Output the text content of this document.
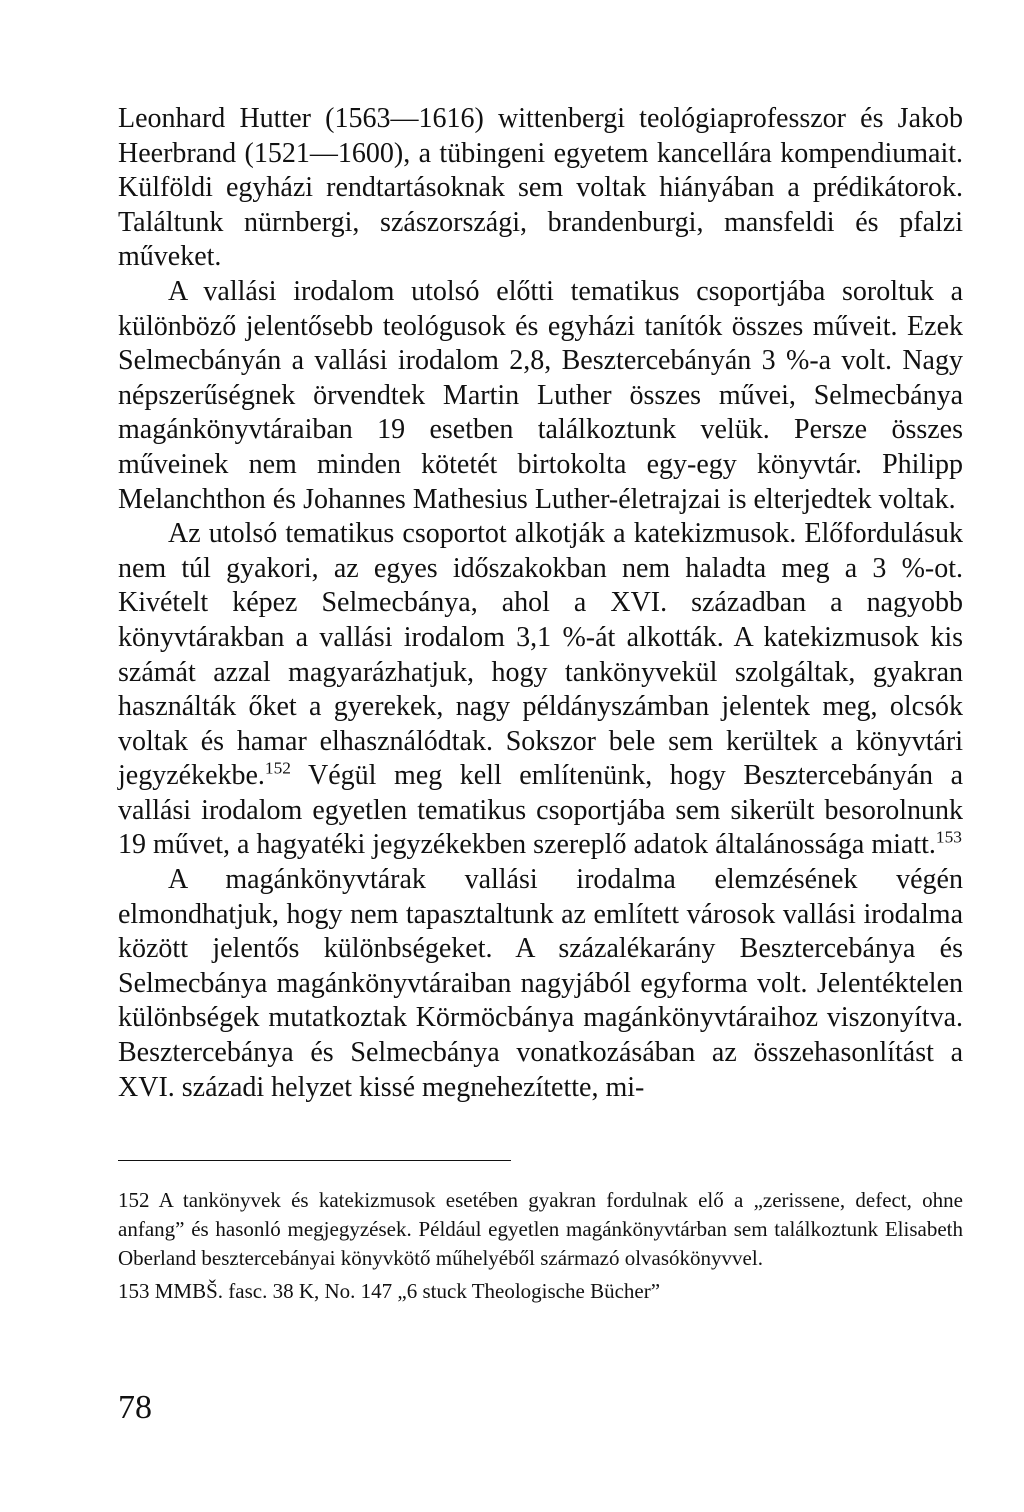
Leonhard Hutter (1563—1616) wittenbergi teológiaprofesszor és Jakob Heerbrand (1521—1600), a tübingeni egyetem kancellára kompendiumait. Külföldi egyházi rendtartásoknak sem voltak hiányában a prédikátorok. Találtunk nürnbergi, szászországi, brandenburgi, mansfeldi és pfalzi műveket.

A vallási irodalom utolsó előtti tematikus csoportjába soroltuk a különböző jelentősebb teológusok és egyházi tanítók összes műveit. Ezek Selmecbányán a vallási irodalom 2,8, Besztercebányán 3 %-a volt. Nagy népszerűségnek örvendtek Martin Luther összes művei, Selmecbánya magánkönyvtáraiban 19 esetben találkoztunk velük. Persze összes műveinek nem minden kötetét birtokolta egy-egy könyvtár. Philipp Melanchthon és Johannes Mathesius Luther-életrajzai is elterjedtek voltak.

Az utolsó tematikus csoportot alkotják a katekizmusok. Előfordulásuk nem túl gyakori, az egyes időszakokban nem haladta meg a 3 %-ot. Kivételt képez Selmecbánya, ahol a XVI. században a nagyobb könyvtárakban a vallási irodalom 3,1 %-át alkották. A katekizmusok kis számát azzal magyarázhatjuk, hogy tankönyvekül szolgáltak, gyakran használták őket a gyerekek, nagy példányszámban jelentek meg, olcsók voltak és hamar elhasználódtak. Sokszor bele sem kerültek a könyvtári jegyzékekbe.$^{152}$ Végül meg kell említenünk, hogy Besztercebányán a vallási irodalom egyetlen tematikus csoportjába sem sikerült besorolnunk 19 művet, a hagyatéki jegyzékekben szereplő adatok általánossága miatt.$^{153}$

A magánkönyvtárak vallási irodalma elemzésének végén elmondhatjuk, hogy nem tapasztaltunk az említett városok vallási irodalma között jelentős különbségeket. A százalékarány Besztercebánya és Selmecbánya magánkönyvtáraiban nagyjából egyforma volt. Jelentéktelen különbségek mutatkoztak Körmöcbánya magánkönyvtáraihoz viszonyítva. Besztercebánya és Selmecbánya vonatkozásában az összehasonlítást a XVI. századi helyzet kissé megnehezítette, mi-

152 A tankönyvek és katekizmusok esetében gyakran fordulnak elő a „zerissene, defect, ohne anfang” és hasonló megjegyzések. Például egyetlen magánkönyvtárban sem találkoztunk Elisabeth Oberland besztercebányai könyvkötő műhelyéből származó olvasókönyvvel.

153 MMBŠ. fasc. 38 K, No. 147 „6 stuck Theologische Bücher”

78
